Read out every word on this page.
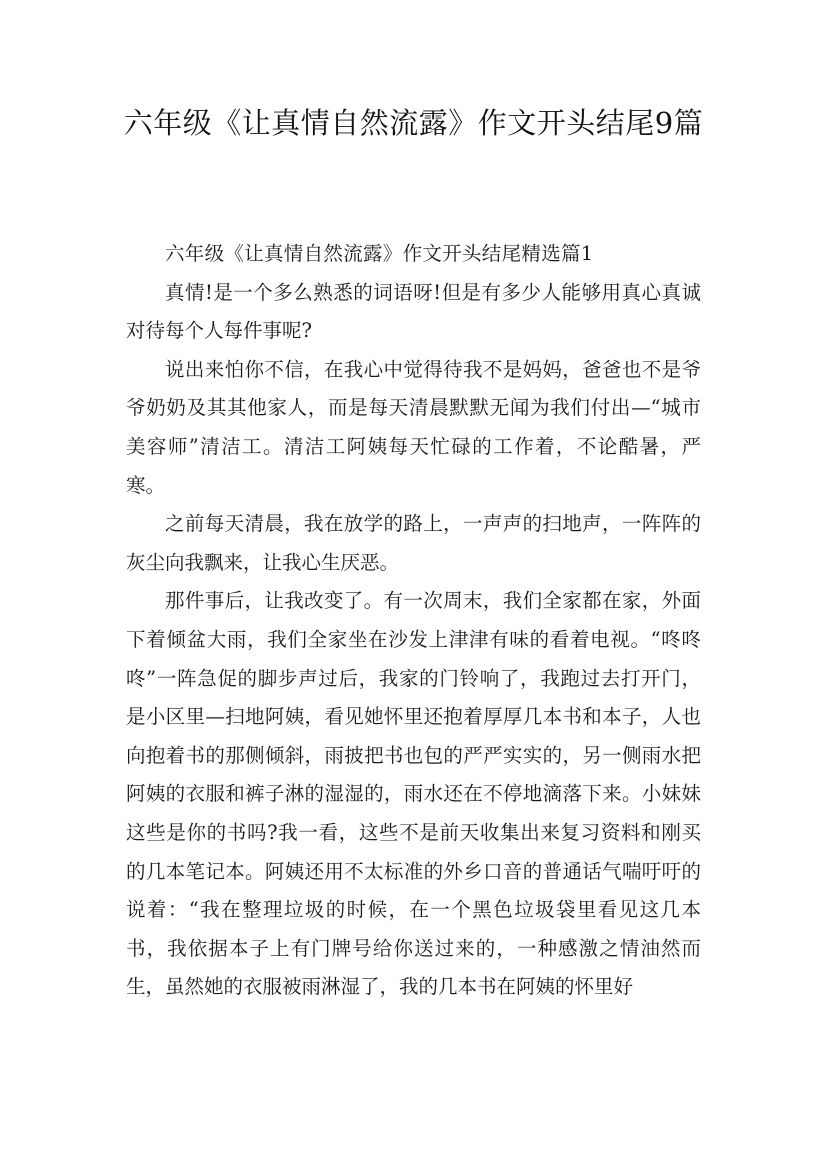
六年级《让真情自然流露》作文开头结尾9篇

六年级《让真情自然流露》作文开头结尾精选篇1

真情!是一个多么熟悉的词语呀!但是有多少人能够用真心真诚对待每个人每件事呢?

说出来怕你不信，在我心中觉得待我不是妈妈，爸爸也不是爷爷奶奶及其其他家人，而是每天清晨默默无闻为我们付出—“城市美容师”清洁工。清洁工阿姨每天忙碌的工作着，不论酷暑，严寒。

之前每天清晨，我在放学的路上，一声声的扫地声，一阵阵的灰尘向我飘来，让我心生厌恶。

那件事后，让我改变了。有一次周末，我们全家都在家，外面下着倾盆大雨，我们全家坐在沙发上津津有味的看着电视。“咚咚咚”一阵急促的脚步声过后，我家的门铃响了，我跑过去打开门，是小区里—扫地阿姨，看见她怀里还抱着厚厚几本书和本子，人也向抱着书的那侧倾斜，雨披把书也包的严严实实的，另一侧雨水把阿姨的衣服和裤子淋的湿湿的，雨水还在不停地滴落下来。小妹妹这些是你的书吗?我一看，这些不是前天收集出来复习资料和刚买的几本笔记本。阿姨还用不太标准的外乡口音的普通话气喘吁吁的说着：“我在整理垃圾的时候，在一个黑色垃圾袋里看见这几本书，我依据本子上有门牌号给你送过来的，一种感激之情油然而生，虽然她的衣服被雨淋湿了，我的几本书在阿姨的怀里好
